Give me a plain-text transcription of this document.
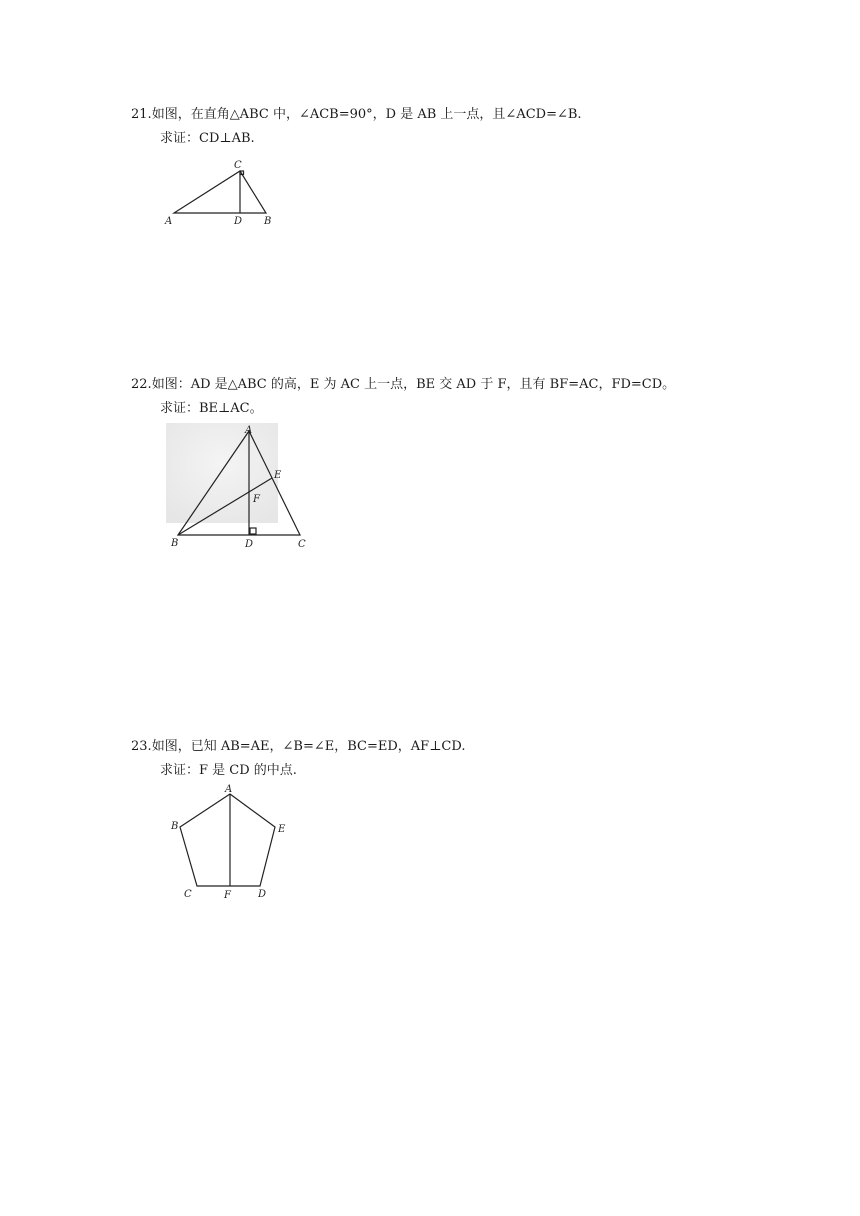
21.如图，在直角△ABC 中，∠ACB=90°，D 是 AB 上一点，且∠ACD=∠B.
求证：CD⊥AB.
A
C
D B
22.如图：AD 是△ABC 的高，E 为 AC 上一点，BE 交 AD 于 F，且有 BF=AC，FD=CD。
求证：BE⊥AC。
A
E
F
B	D	C
23.如图，已知 AB=AE，∠B=∠E，BC=ED，AF⊥CD.
求证：F 是 CD 的中点.
A
B	E
C	F	D
